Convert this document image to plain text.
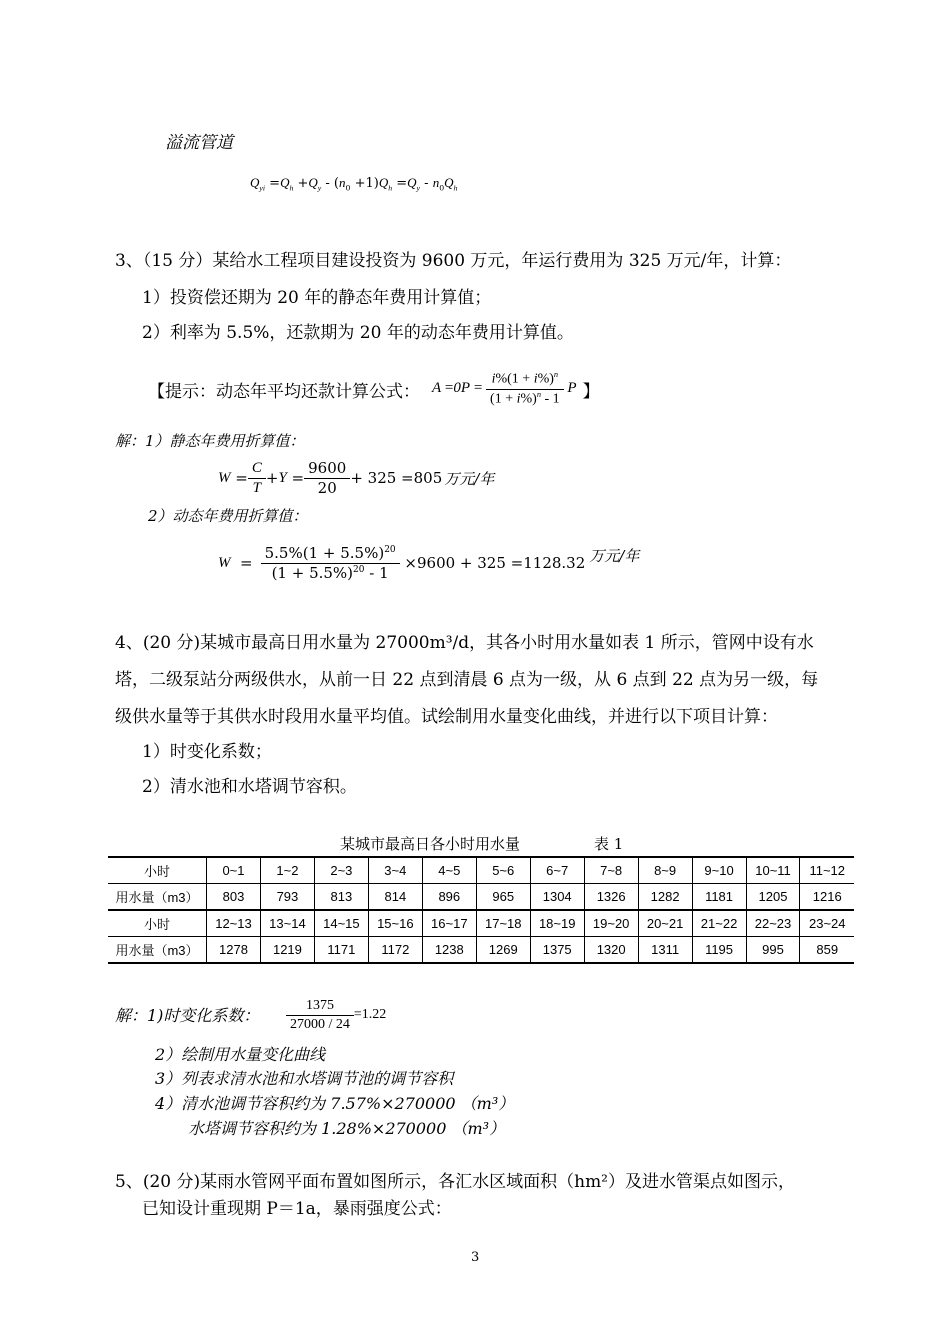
溢流管道
$Q_{yi} =Q_h +Q_y - (n_0 +1)Q_h =Q_y - n_0Q_h$
3、（15 分）某给水工程项目建设投资为 9600 万元，年运行费用为 325 万元/年，计算：
1）投资偿还期为 20 年的静态年费用计算值；
2）利率为 5.5%，还款期为 20 年的动态年费用计算值。
【提示：动态年平均还款计算公式： $A =0P = \frac{i\%(1 + i\%)^n}{(1 + i\%)^n - 1}$ P 】
解：1）静态年费用折算值：
$W = \frac{C}{T} + Y = \frac{9600}{20} + 325 = 805$ 万元/年
2）动态年费用折算值：
$W = \frac{5.5\%(1 + 5.5\%)^{20}}{(1 + 5.5\%)^{20} - 1} \times 9600 + 325 = 1128.32$ 万元/年
4、(20 分)某城市最高日用水量为 27000m³/d，其各小时用水量如表 1 所示，管网中设有水
塔，二级泵站分两级供水，从前一日 22 点到清晨 6 点为一级，从 6 点到 22 点为另一级，每
级供水量等于其供水时段用水量平均值。试绘制用水量变化曲线，并进行以下项目计算：
1）时变化系数；
2）清水池和水塔调节容积。
某城市最高日各小时用水量	表 1
小时	0~1	1~2	2~3	3~4	4~5	5~6	6~7	7~8	8~9	9~10	10~11	11~12
用水量（m3）	803	793	813	814	896	965	1304	1326	1282	1181	1205	1216
小时	12~13	13~14	14~15	15~16	16~17	17~18	18~19	19~20	20~21	21~22	22~23	23~24
用水量（m3）	1278	1219	1171	1172	1238	1269	1375	1320	1311	1195	995	859
解：1)时变化系数： $\frac{1375}{27000 / 24} =1.22$
2）绘制用水量变化曲线
3）列表求清水池和水塔调节池的调节容积
4）清水池调节容积约为 7.57%×270000 （m³）
水塔调节容积约为 1.28%×270000 （m³）
5、(20 分)某雨水管网平面布置如图所示，各汇水区域面积（hm²）及进水管渠点如图示，
已知设计重现期 P＝1a，暴雨强度公式：
3
